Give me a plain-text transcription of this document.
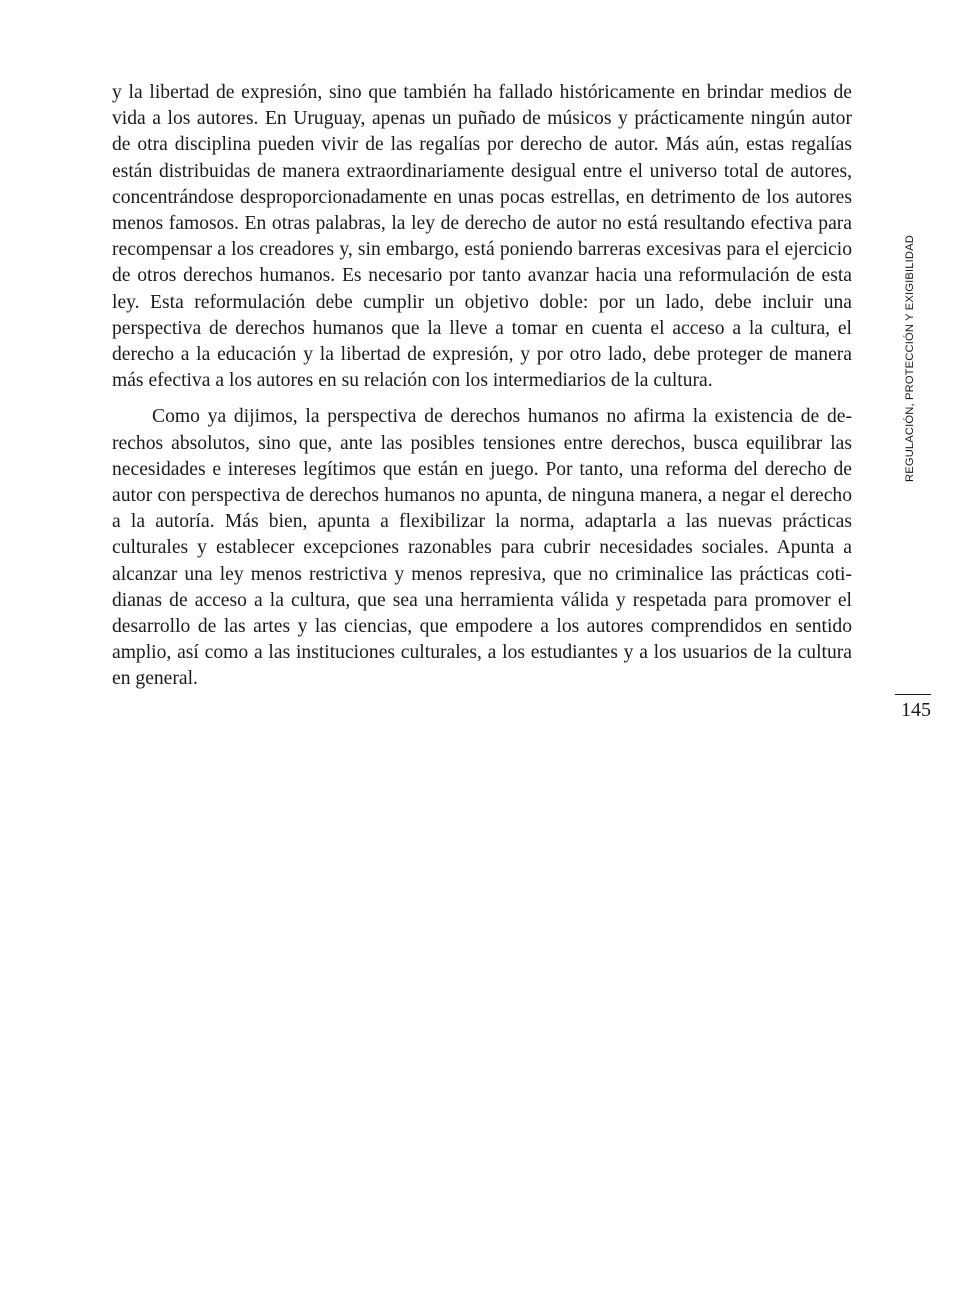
y la libertad de expresión, sino que también ha fallado históricamente en brindar medios de vida a los autores. En Uruguay, apenas un puñado de músicos y prácticamente ningún autor de otra disciplina pueden vivir de las regalías por derecho de autor. Más aún, estas regalías están distribuidas de manera extraordinariamente desigual entre el universo total de autores, concentrándose desproporcionadamente en unas pocas estrellas, en detrimento de los autores menos famosos. En otras palabras, la ley de derecho de autor no está resultando efectiva para recompensar a los creadores y, sin embargo, está poniendo barreras excesivas para el ejercicio de otros derechos humanos. Es necesario por tanto avanzar hacia una reformulación de esta ley. Esta reformulación debe cumplir un objetivo doble: por un lado, debe incluir una perspectiva de derechos humanos que la lleve a tomar en cuenta el acceso a la cultura, el derecho a la educación y la libertad de expresión, y por otro lado, debe proteger de manera más efectiva a los autores en su relación con los intermediarios de la cultura.

Como ya dijimos, la perspectiva de derechos humanos no afirma la existencia de derechos absolutos, sino que, ante las posibles tensiones entre derechos, busca equilibrar las necesidades e intereses legítimos que están en juego. Por tanto, una reforma del derecho de autor con perspectiva de derechos humanos no apunta, de ninguna manera, a negar el derecho a la autoría. Más bien, apunta a flexibilizar la norma, adaptarla a las nuevas prácticas culturales y establecer excepciones razonables para cubrir necesidades sociales. Apunta a alcanzar una ley menos restrictiva y menos represiva, que no criminalice las prácticas cotidianas de acceso a la cultura, que sea una herramienta válida y respetada para promover el desarrollo de las artes y las ciencias, que empodere a los autores comprendidos en sentido amplio, así como a las instituciones culturales, a los estudiantes y a los usuarios de la cultura en general.

REGULACIÓN, PROTECCIÓN Y EXIGIBILIDAD
145
